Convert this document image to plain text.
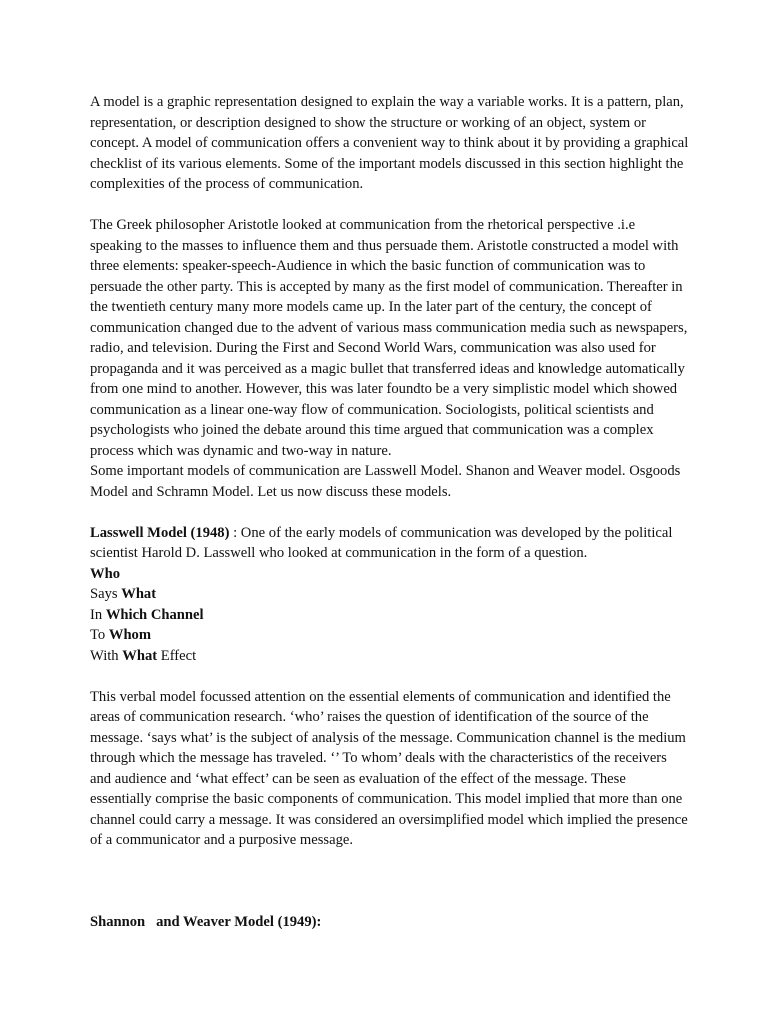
A model is a graphic representation designed to explain the way a variable works. It is a pattern, plan, representation, or description designed to show the structure or working of an object, system or concept. A model of communication offers a convenient way to think about it by providing a graphical checklist of its various elements. Some of the important models discussed in this section highlight the complexities of the process of communication.

The Greek philosopher Aristotle looked at communication from the rhetorical perspective .i.e speaking to the masses to influence them and thus persuade them. Aristotle constructed a model with three elements: speaker-speech-Audience in which the basic function of communication was to persuade the other party. This is accepted by many as the first model of communication. Thereafter in the twentieth century many more models came up. In the later part of the century, the concept of communication changed due to the advent of various mass communication media such as newspapers, radio, and television. During the First and Second World Wars, communication was also used for propaganda and it was perceived as a magic bullet that transferred ideas and knowledge automatically from one mind to another. However, this was later foundto be a very simplistic model which showed communication as a linear one-way flow of communication. Sociologists, political scientists and psychologists who joined the debate around this time argued that communication was a complex process which was dynamic and two-way in nature.

Some important models of communication are Lasswell Model. Shanon and Weaver model. Osgoods Model and Schramn Model. Let us now discuss these models.

Lasswell Model (1948) : One of the early models of communication was developed by the political scientist Harold D. Lasswell who looked at communication in the form of a question.

Who

Says What

In Which Channel

To Whom

With What Effect

This verbal model focussed attention on the essential elements of communication and identified the areas of communication research. ‘who’ raises the question of identification of the source of the message. ‘says what’ is the subject of analysis of the message. Communication channel is the medium through which the message has traveled. ‘’ To whom’ deals with the characteristics of the receivers and audience and ‘what effect’ can be seen as evaluation of the effect of the message. These essentially comprise the basic components of communication. This model implied that more than one channel could carry a message. It was considered an oversimplified model which implied the presence of a communicator and a purposive message.

Shannon   and Weaver Model (1949):
